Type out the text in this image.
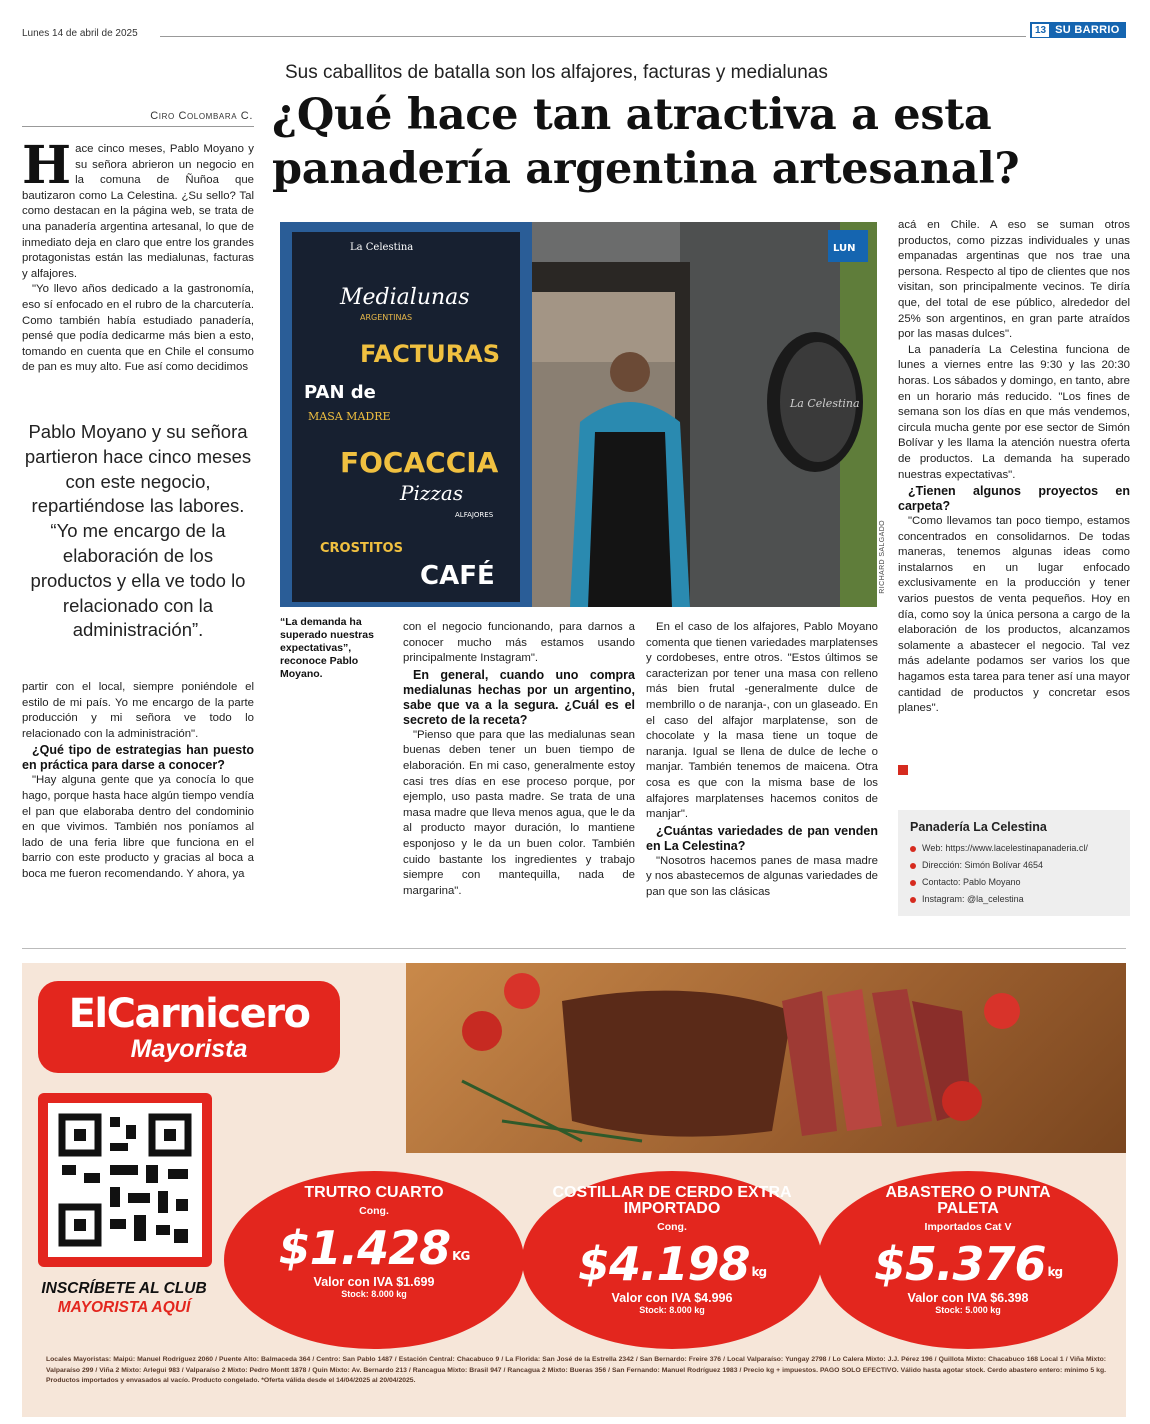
Lunes 14 de abril de 2025	13 SU BARRIO
Sus caballitos de batalla son los alfajores, facturas y medialunas
¿Qué hace tan atractiva a esta panadería argentina artesanal?
Ciro Colombara C.

Hace cinco meses, Pablo Moyano y su señora abrieron un negocio en la comuna de Ñuñoa que bautizaron como La Celestina. ¿Su sello? Tal como destacan en la página web, se trata de una panadería argentina artesanal, lo que de inmediato deja en claro que entre los grandes protagonistas están las medialunas, facturas y alfajores.

"Yo llevo años dedicado a la gastronomía, eso sí enfocado en el rubro de la charcutería. Como también había estudiado panadería, pensé que podía dedicarme más bien a esto, tomando en cuenta que en Chile el consumo de pan es muy alto. Fue así como decidimos

Pablo Moyano y su señora partieron hace cinco meses con este negocio, repartiéndose las labores. “Yo me encargo de la elaboración de los productos y ella ve todo lo relacionado con la administración”.

partir con el local, siempre poniéndole el estilo de mi país. Yo me encargo de la parte producción y mi señora ve todo lo relacionado con la administración".

¿Qué tipo de estrategias han puesto en práctica para darse a conocer?

"Hay alguna gente que ya conocía lo que hago, porque hasta hace algún tiempo vendía el pan que elaboraba dentro del condominio en que vivimos. También nos poníamos al lado de una feria libre que funciona en el barrio con este producto y gracias al boca a boca me fueron recomendando. Y ahora, ya

La Celestina
Medialunas
ARGENTINAS
FACTURAS
PAN de
MASA MADRE
FOCACCIA
Pizzas
ALFAJORES
CROSTITOS
CAFÉ
La Celestina
LUN
RICHARD SALGADO
“La demanda ha superado nuestras expectativas”, reconoce Pablo Moyano.

con el negocio funcionando, para darnos a conocer mucho más estamos usando principalmente Instagram".

En general, cuando uno compra medialunas hechas por un argentino, sabe que va a la segura. ¿Cuál es el secreto de la receta?

"Pienso que para que las medialunas sean buenas deben tener un buen tiempo de elaboración. En mi caso, generalmente estoy casi tres días en ese proceso porque, por ejemplo, uso pasta madre. Se trata de una masa madre que lleva menos agua, que le da al producto mayor duración, lo mantiene esponjoso y le da un buen color. También cuido bastante los ingredientes y trabajo siempre con mantequilla, nada de margarina".

En el caso de los alfajores, Pablo Moyano comenta que tienen variedades marplatenses y cordobeses, entre otros. "Estos últimos se caracterizan por tener una masa con relleno más bien frutal -generalmente dulce de membrillo o de naranja-, con un glaseado. En el caso del alfajor marplatense, son de chocolate y la masa tiene un toque de naranja. Igual se llena de dulce de leche o manjar. También tenemos de maicena. Otra cosa es que con la misma base de los alfajores marplatenses hacemos conitos de manjar".

¿Cuántas variedades de pan venden en La Celestina?

"Nosotros hacemos panes de masa madre y nos abastecemos de algunas variedades de pan que son las clásicas

acá en Chile. A eso se suman otros productos, como pizzas individuales y unas empanadas argentinas que nos trae una persona. Respecto al tipo de clientes que nos visitan, son principalmente vecinos. Te diría que, del total de ese público, alrededor del 25% son argentinos, en gran parte atraídos por las masas dulces".

La panadería La Celestina funciona de lunes a viernes entre las 9:30 y las 20:30 horas. Los sábados y domingo, en tanto, abre en un horario más reducido. "Los fines de semana son los días en que más vendemos, circula mucha gente por ese sector de Simón Bolívar y les llama la atención nuestra oferta de productos. La demanda ha superado nuestras expectativas".

¿Tienen algunos proyectos en carpeta?

"Como llevamos tan poco tiempo, estamos concentrados en consolidarnos. De todas maneras, tenemos algunas ideas como instalarnos en un lugar enfocado exclusivamente en la producción y tener varios puestos de venta pequeños. Hoy en día, como soy la única persona a cargo de la elaboración de los productos, alcanzamos solamente a abastecer el negocio. Tal vez más adelante podamos ser varios los que hagamos esta tarea para tener así una mayor cantidad de productos y concretar esos planes".

Panadería La Celestina
Web: https://www.lacelestinapanaderia.cl/
Dirección: Simón Bolívar 4654
Contacto: Pablo Moyano
Instagram: @la_celestina
ElCarnicero
Mayorista
INSCRÍBETE AL CLUB
MAYORISTA AQUÍ
TRUTRO CUARTO
Cong.
$1.428 $^{KG}$
Valor con IVA $1.699
Stock: 8.000 kg
COSTILLAR DE CERDO EXTRA IMPORTADO
Cong.
$4.198 $^{kg}$
Valor con IVA $4.996
Stock: 8.000 kg
ABASTERO O PUNTA PALETA
Importados Cat V
$5.376 $^{kg}$
Valor con IVA $6.398
Stock: 5.000 kg
Locales Mayoristas: Maipú: Manuel Rodríguez 2060 / Puente Alto: Balmaceda 364 / Centro: San Pablo 1487 / Estación Central: Chacabuco 9 / La Florida: San José de la Estrella 2342 / San Bernardo: Freire 376 / Local Valparaíso: Yungay 2798 / Lo Calera Mixto: J.J. Pérez 196 / Quillota Mixto: Chacabuco 168 Local 1 / Viña Mixto: Valparaíso 299 / Viña 2 Mixto: Arlegui 983 / Valparaíso 2 Mixto: Pedro Montt 1878 / Quin Mixto: Av. Bernardo 213 / Rancagua Mixto: Brasil 947 / Rancagua 2 Mixto: Bueras 356 / San Fernando: Manuel Rodríguez 1983 / Precio kg + impuestos. PAGO SOLO EFECTIVO. Válido hasta agotar stock. Cerdo abastero entero: mínimo 5 kg. Productos importados y envasados al vacío. Producto congelado. *Oferta válida desde el 14/04/2025 al 20/04/2025.
